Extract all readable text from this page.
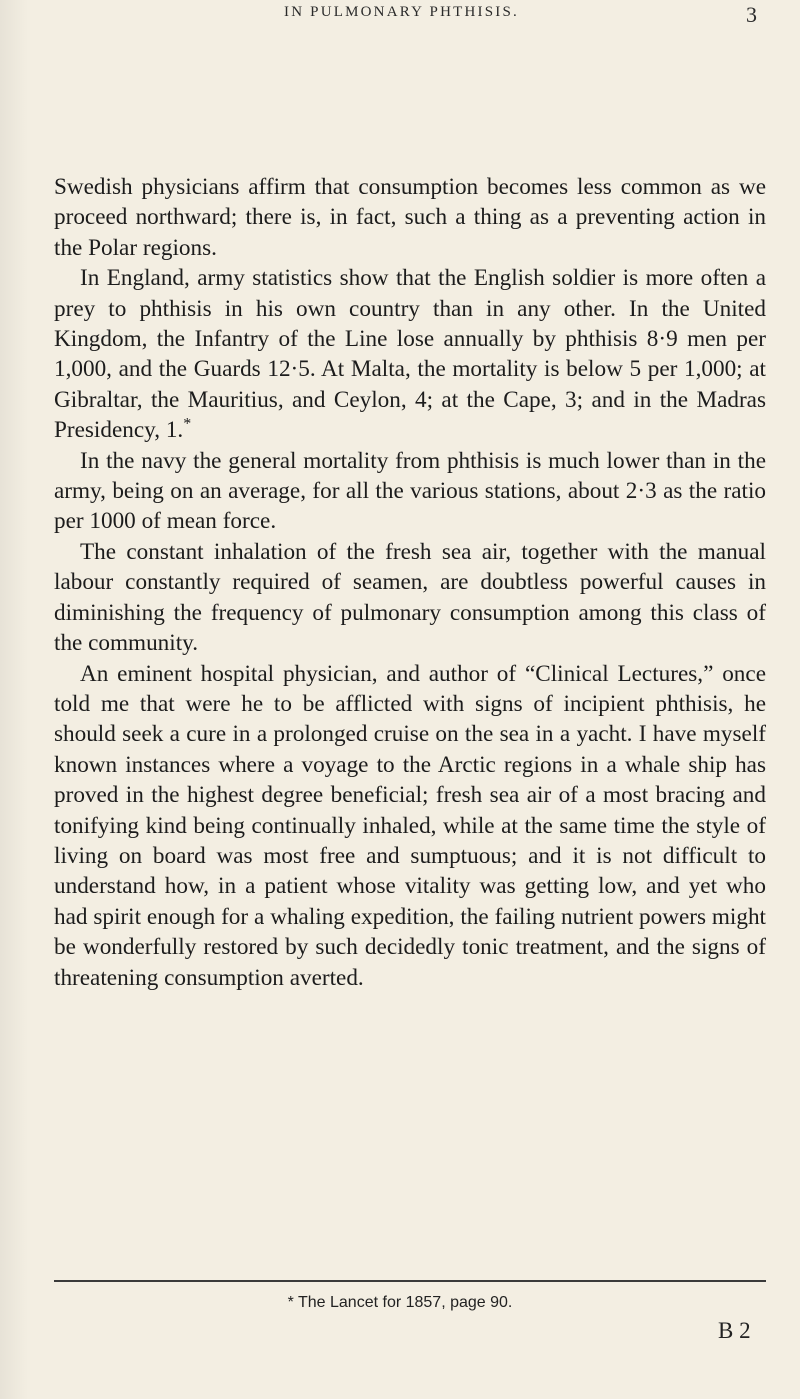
IN PULMONARY PHTHISIS.	3

Swedish physicians affirm that consumption becomes less common as we proceed northward; there is, in fact, such a thing as a preventing action in the Polar regions.

In England, army statistics show that the English soldier is more often a prey to phthisis in his own country than in any other. In the United Kingdom, the Infantry of the Line lose annually by phthisis 8·9 men per 1,000, and the Guards 12·5. At Malta, the mortality is below 5 per 1,000; at Gibraltar, the Mauritius, and Ceylon, 4; at the Cape, 3; and in the Madras Presidency, 1.*

In the navy the general mortality from phthisis is much lower than in the army, being on an average, for all the various stations, about 2·3 as the ratio per 1000 of mean force.

The constant inhalation of the fresh sea air, together with the manual labour constantly required of seamen, are doubtless powerful causes in diminishing the frequency of pulmonary consumption among this class of the community.

An eminent hospital physician, and author of “Clinical Lectures,” once told me that were he to be afflicted with signs of incipient phthisis, he should seek a cure in a prolonged cruise on the sea in a yacht. I have myself known instances where a voyage to the Arctic regions in a whale ship has proved in the highest degree beneficial; fresh sea air of a most bracing and tonifying kind being continually inhaled, while at the same time the style of living on board was most free and sumptuous; and it is not difficult to understand how, in a patient whose vitality was getting low, and yet who had spirit enough for a whaling expedition, the failing nutrient powers might be wonderfully restored by such decidedly tonic treatment, and the signs of threatening consumption averted.

* The Lancet for 1857, page 90.
B 2
